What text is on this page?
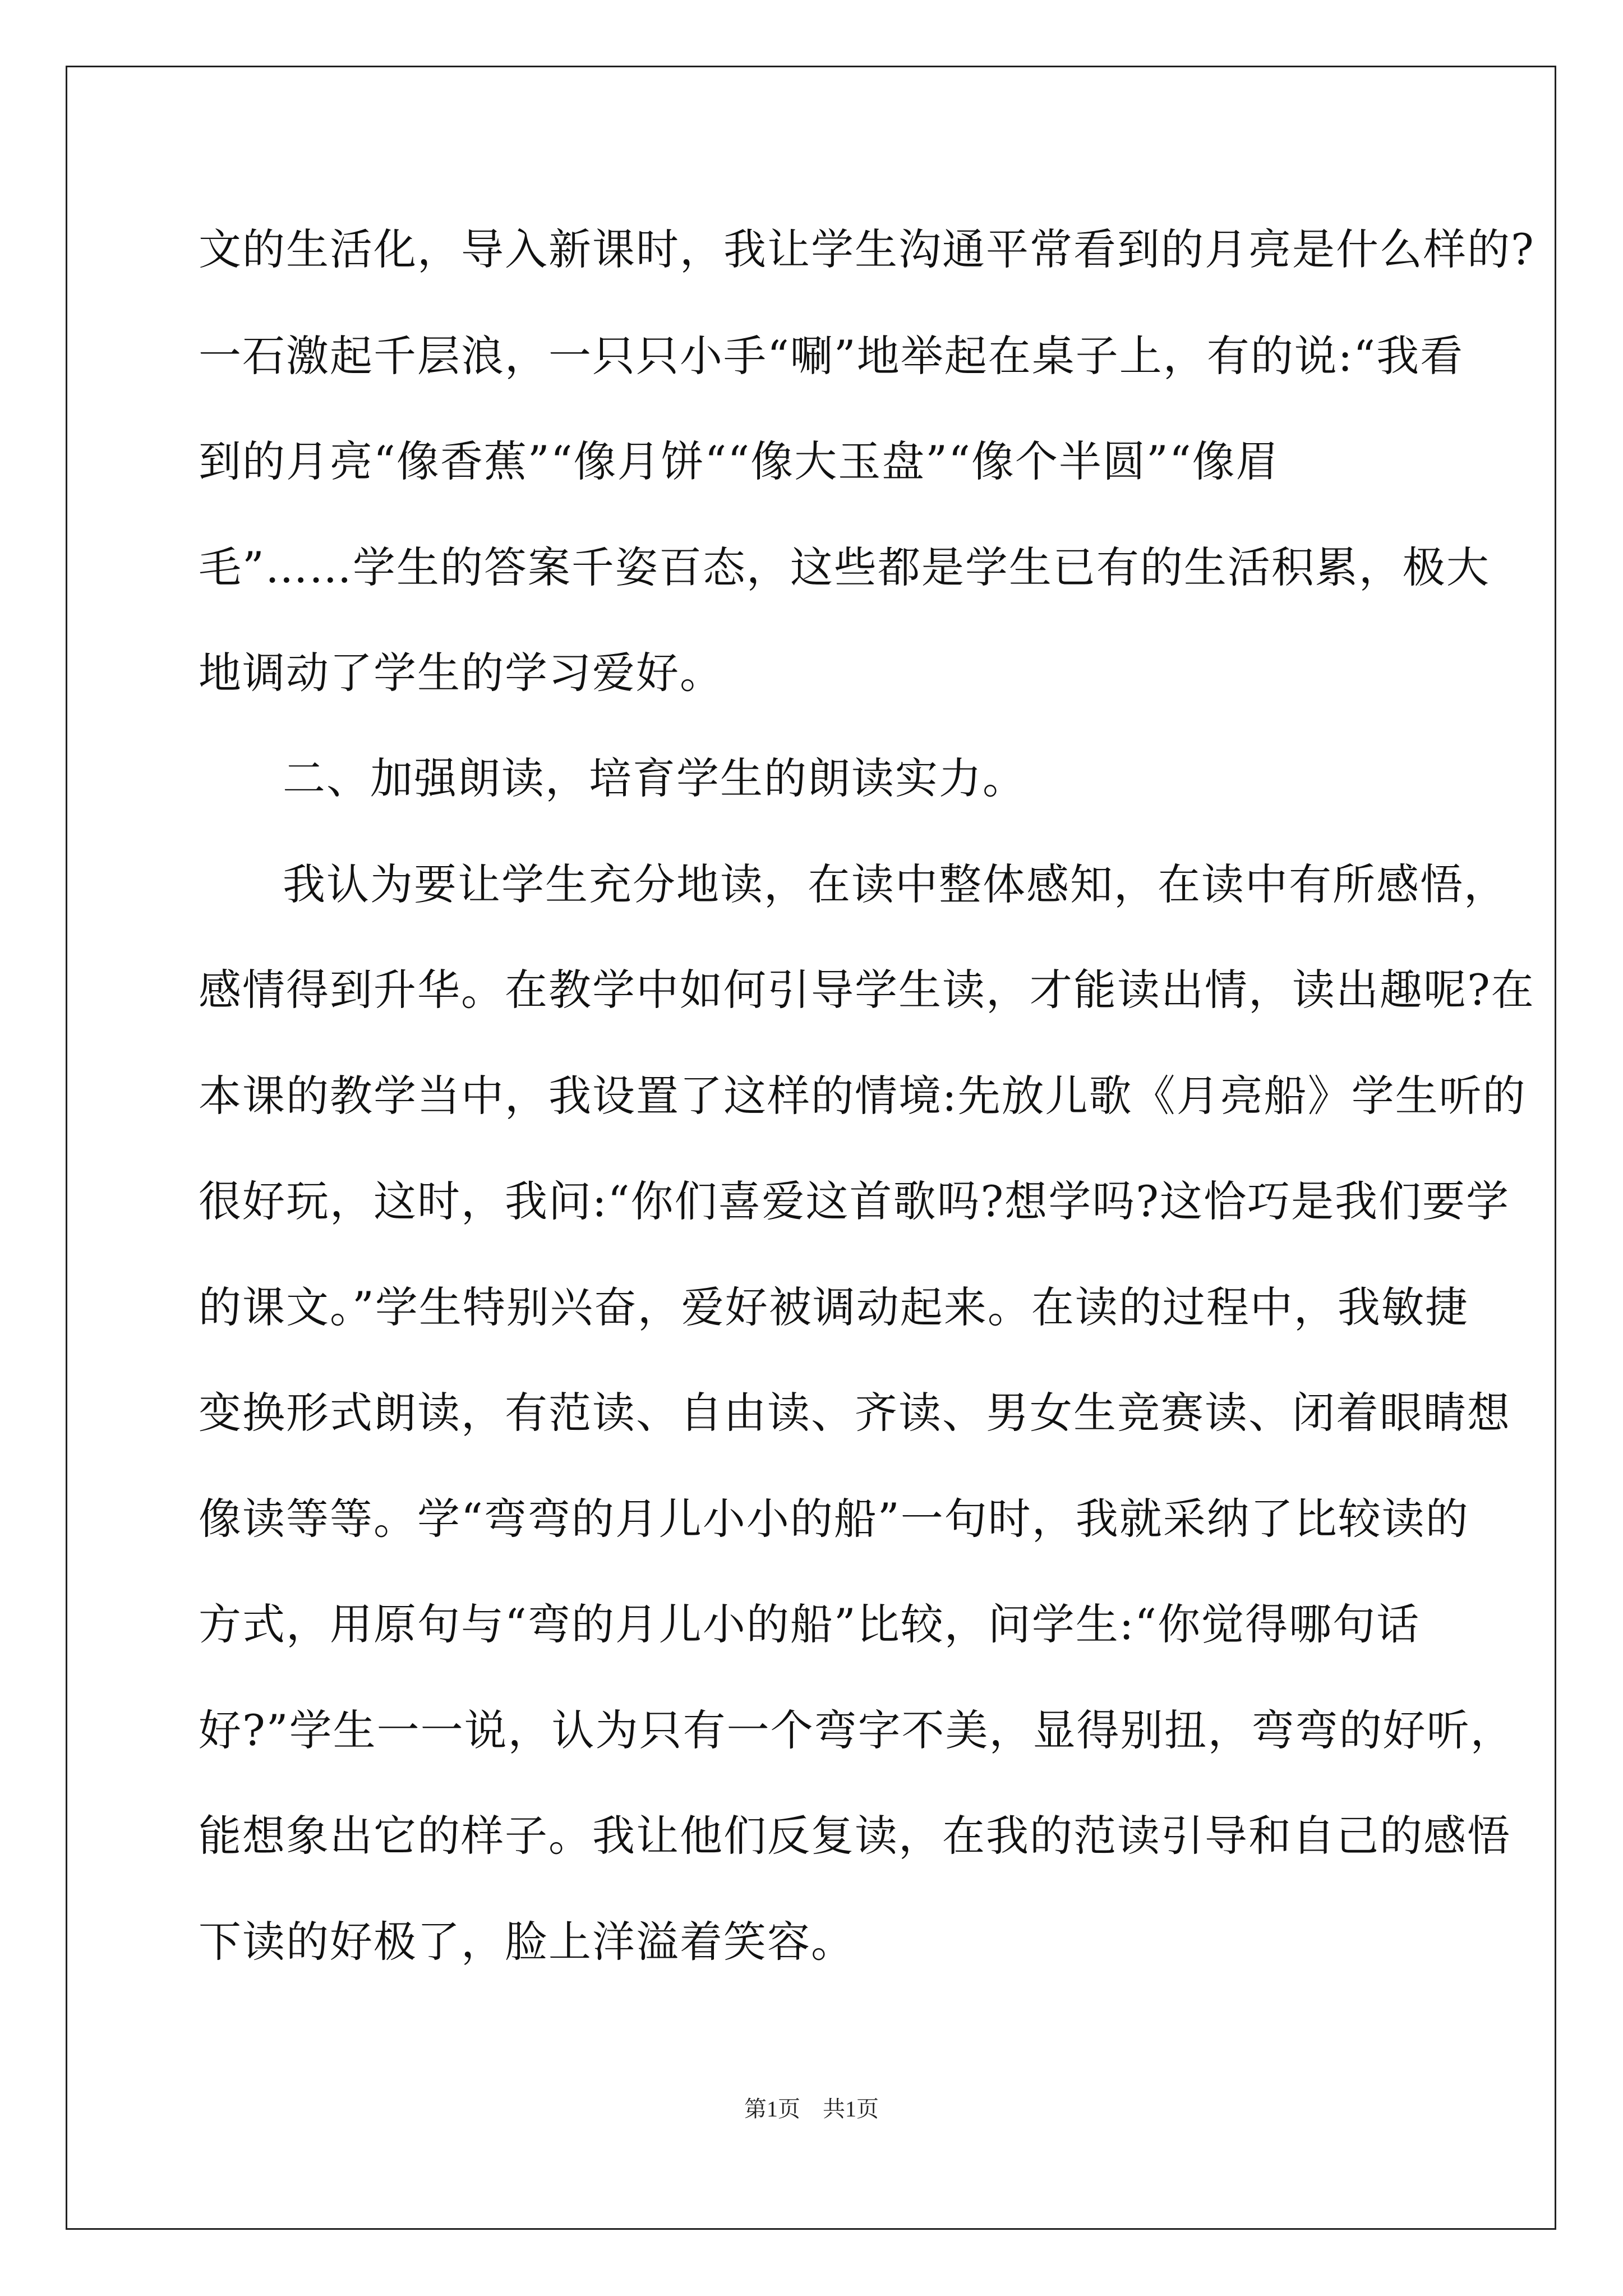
文的生活化，导入新课时，我让学生沟通平常看到的月亮是什么样的?
一石激起千层浪，一只只小手“唰”地举起在桌子上，有的说:“我看
到的月亮“像香蕉”“像月饼““像大玉盘”“像个半圆”“像眉
毛”……学生的答案千姿百态，这些都是学生已有的生活积累，极大
地调动了学生的学习爱好。
二、加强朗读，培育学生的朗读实力。
我认为要让学生充分地读，在读中整体感知，在读中有所感悟，
感情得到升华。在教学中如何引导学生读，才能读出情，读出趣呢?在
本课的教学当中，我设置了这样的情境:先放儿歌《月亮船》学生听的
很好玩，这时，我问:“你们喜爱这首歌吗?想学吗?这恰巧是我们要学
的课文。”学生特别兴奋，爱好被调动起来。在读的过程中，我敏捷
变换形式朗读，有范读、自由读、齐读、男女生竞赛读、闭着眼睛想
像读等等。学“弯弯的月儿小小的船”一句时，我就采纳了比较读的
方式，用原句与“弯的月儿小的船”比较，问学生:“你觉得哪句话
好?”学生一一说，认为只有一个弯字不美，显得别扭，弯弯的好听，
能想象出它的样子。我让他们反复读，在我的范读引导和自己的感悟
下读的好极了，脸上洋溢着笑容。
第1页　共1页
